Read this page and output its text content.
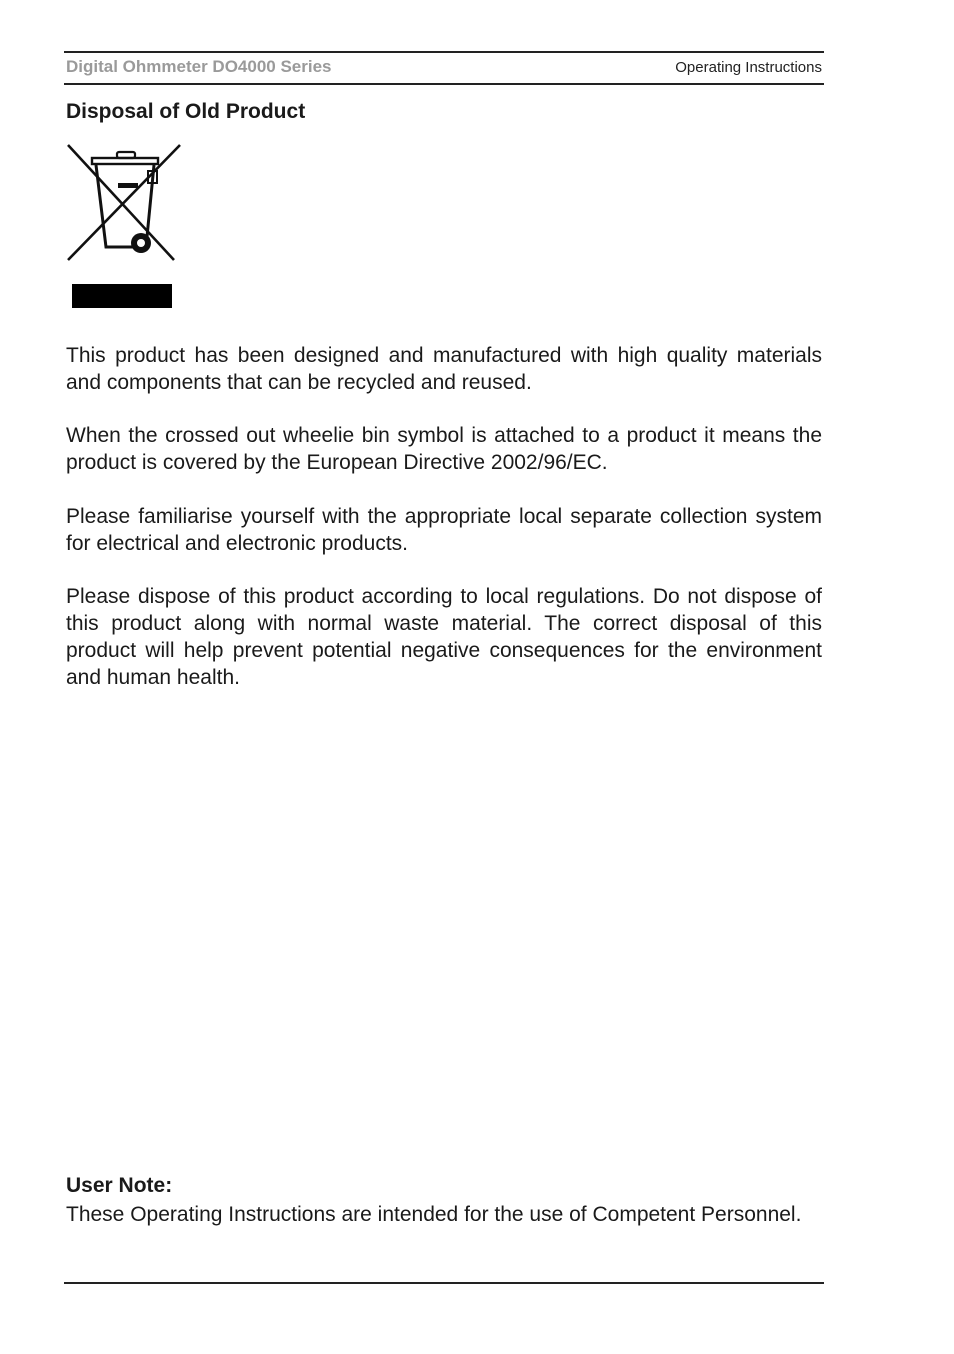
Digital Ohmmeter DO4000 Series	Operating Instructions
Disposal of Old Product

This product has been designed and manufactured with high quality materials and components that can be recycled and reused.

When the crossed out wheelie bin symbol is attached to a product it means the product is covered by the European Directive 2002/96/EC.

Please familiarise yourself with the appropriate local separate collection system for electrical and electronic products.

Please dispose of this product according to local regulations. Do not dispose of this product along with normal waste material. The correct disposal of this product will help prevent potential negative consequences for the environment and human health.

User Note:

These Operating Instructions are intended for the use of Competent Personnel.
